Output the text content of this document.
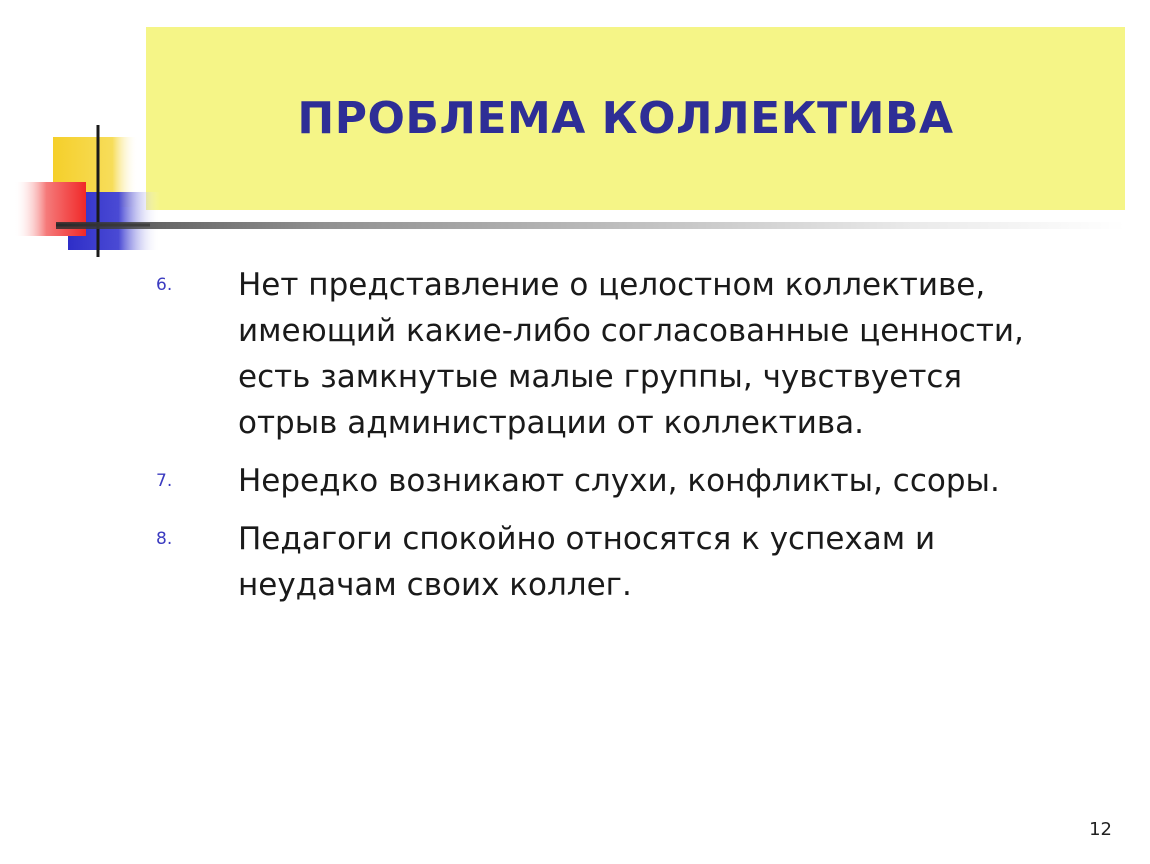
ПРОБЛЕМА КОЛЛЕКТИВА
6.	Нет представление о целостном коллективе,
имеющий какие-либо согласованные ценности,
есть замкнутые малые группы, чувствуется
отрыв администрации от коллектива.
7.	Нередко возникают слухи, конфликты, ссоры.
8.	Педагоги спокойно относятся к успехам и
неудачам своих коллег.
12
